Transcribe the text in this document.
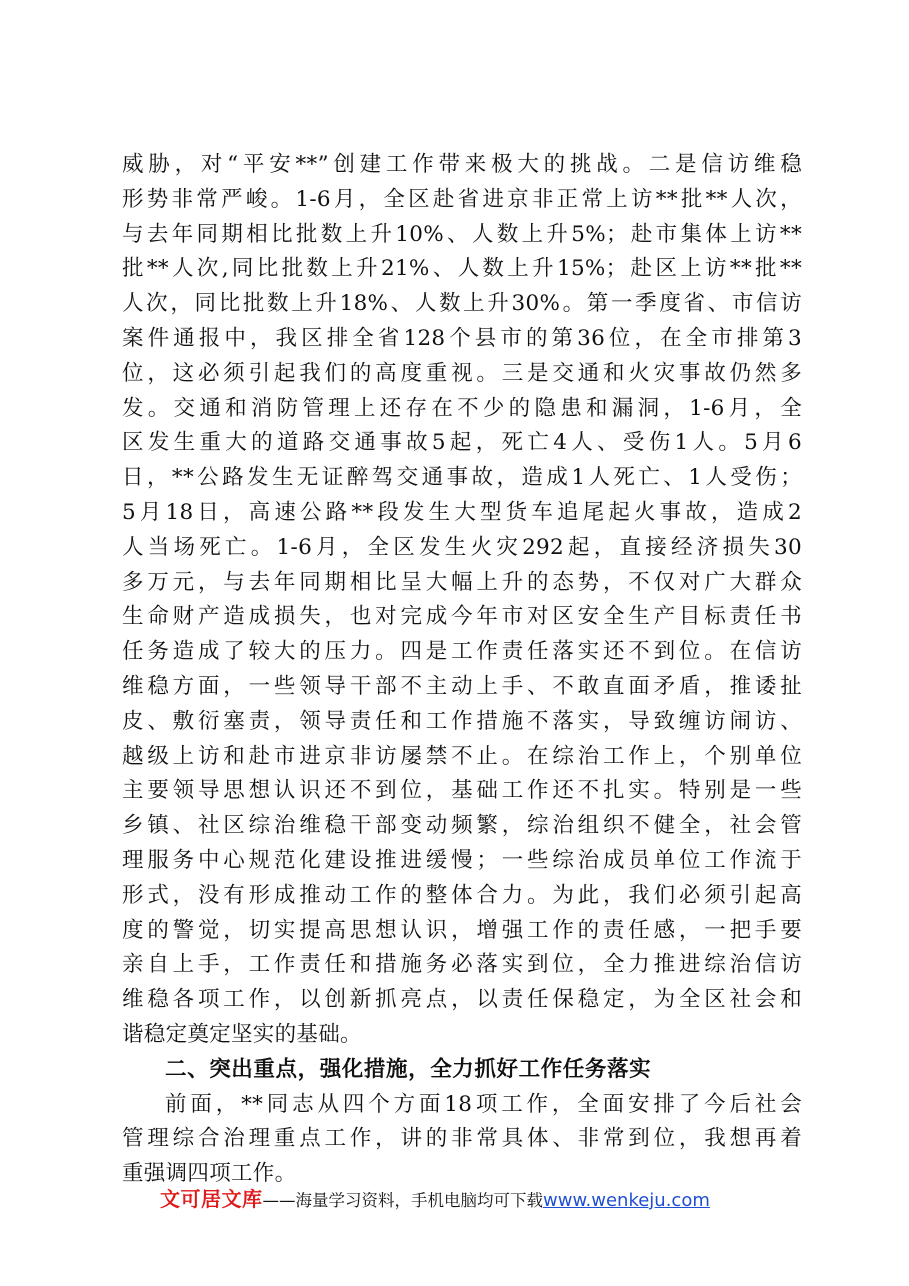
威胁，对“平安**”创建工作带来极大的挑战。二是信访维稳
形势非常严峻。1-6月，全区赴省进京非正常上访**批**人次，
与去年同期相比批数上升10%、人数上升5%；赴市集体上访**
批**人次,同比批数上升21%、人数上升15%；赴区上访**批**
人次，同比批数上升18%、人数上升30%。第一季度省、市信访
案件通报中，我区排全省128个县市的第36位，在全市排第3
位，这必须引起我们的高度重视。三是交通和火灾事故仍然多
发。交通和消防管理上还存在不少的隐患和漏洞，1-6月，全
区发生重大的道路交通事故5起，死亡4人、受伤1人。5月6
日，**公路发生无证醉驾交通事故，造成1人死亡、1人受伤；
5月18日，高速公路**段发生大型货车追尾起火事故，造成2
人当场死亡。1-6月，全区发生火灾292起，直接经济损失30
多万元，与去年同期相比呈大幅上升的态势，不仅对广大群众
生命财产造成损失，也对完成今年市对区安全生产目标责任书
任务造成了较大的压力。四是工作责任落实还不到位。在信访
维稳方面，一些领导干部不主动上手、不敢直面矛盾，推诿扯
皮、敷衍塞责，领导责任和工作措施不落实，导致缠访闹访、
越级上访和赴市进京非访屡禁不止。在综治工作上，个别单位
主要领导思想认识还不到位，基础工作还不扎实。特别是一些
乡镇、社区综治维稳干部变动频繁，综治组织不健全，社会管
理服务中心规范化建设推进缓慢；一些综治成员单位工作流于
形式，没有形成推动工作的整体合力。为此，我们必须引起高
度的警觉，切实提高思想认识，增强工作的责任感，一把手要
亲自上手，工作责任和措施务必落实到位，全力推进综治信访
维稳各项工作，以创新抓亮点，以责任保稳定，为全区社会和
谐稳定奠定坚实的基础。
二、突出重点，强化措施，全力抓好工作任务落实
前面，**同志从四个方面18项工作，全面安排了今后社会
管理综合治理重点工作，讲的非常具体、非常到位，我想再着
重强调四项工作。
文可居文库——海量学习资料，手机电脑均可下载www.wenkeju.com
